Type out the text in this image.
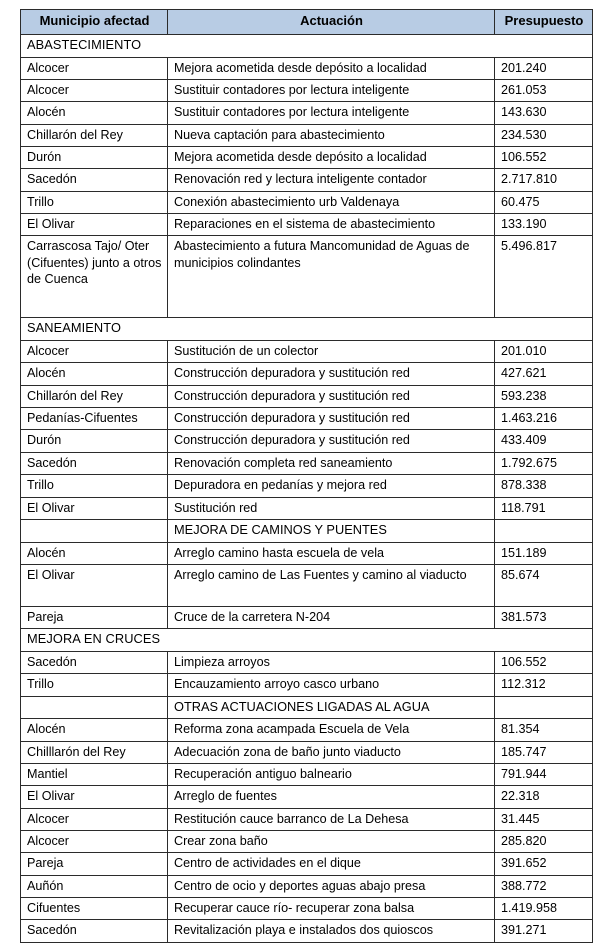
Municipio afectad	Actuación	Presupuesto
ABASTECIMIENTO		
Alcocer	Mejora acometida desde depósito a localidad	201.240
Alcocer	Sustituir contadores por lectura inteligente	261.053
Alocén	Sustituir contadores por lectura inteligente	143.630
Chillarón del Rey	Nueva captación para abastecimiento	234.530
Durón	Mejora acometida desde depósito a localidad	106.552
Sacedón	Renovación red y lectura inteligente contador	2.717.810
Trillo	Conexión abastecimiento urb Valdenaya	60.475
El Olivar	Reparaciones en el sistema de abastecimiento	133.190
Carrascosa Tajo/ Oter (Cifuentes) junto a otros de Cuenca	Abastecimiento a futura Mancomunidad de Aguas de municipios colindantes	5.496.817
SANEAMIENTO		
Alcocer	Sustitución de un colector	201.010
Alocén	Construcción depuradora y sustitución red	427.621
Chillarón del Rey	Construcción depuradora y sustitución red	593.238
Pedanías-Cifuentes	Construcción depuradora y sustitución red	1.463.216
Durón	Construcción depuradora y sustitución red	433.409
Sacedón	Renovación completa red saneamiento	1.792.675
Trillo	Depuradora en pedanías y mejora red	878.338
El Olivar	Sustitución red	118.791
	MEJORA DE CAMINOS Y PUENTES	
Alocén	Arreglo camino hasta escuela de vela	151.189
El Olivar	Arreglo camino de Las Fuentes y camino al viaducto	85.674
Pareja	Cruce de la carretera N-204	381.573
MEJORA EN CRUCES		
Sacedón	Limpieza arroyos	106.552
Trillo	Encauzamiento arroyo casco urbano	112.312
	OTRAS ACTUACIONES LIGADAS AL AGUA	
Alocén	Reforma zona acampada Escuela de Vela	81.354
Chilllarón del Rey	Adecuación zona de baño junto viaducto	185.747
Mantiel	Recuperación antiguo balneario	791.944
El Olivar	Arreglo de fuentes	22.318
Alcocer	Restitución cauce barranco de La Dehesa	31.445
Alcocer	Crear zona baño	285.820
Pareja	Centro de actividades en el dique	391.652
Auñón	Centro de ocio y deportes aguas abajo presa	388.772
Cifuentes	Recuperar cauce río- recuperar zona balsa	1.419.958
Sacedón	Revitalización playa e instalados dos quioscos	391.271
